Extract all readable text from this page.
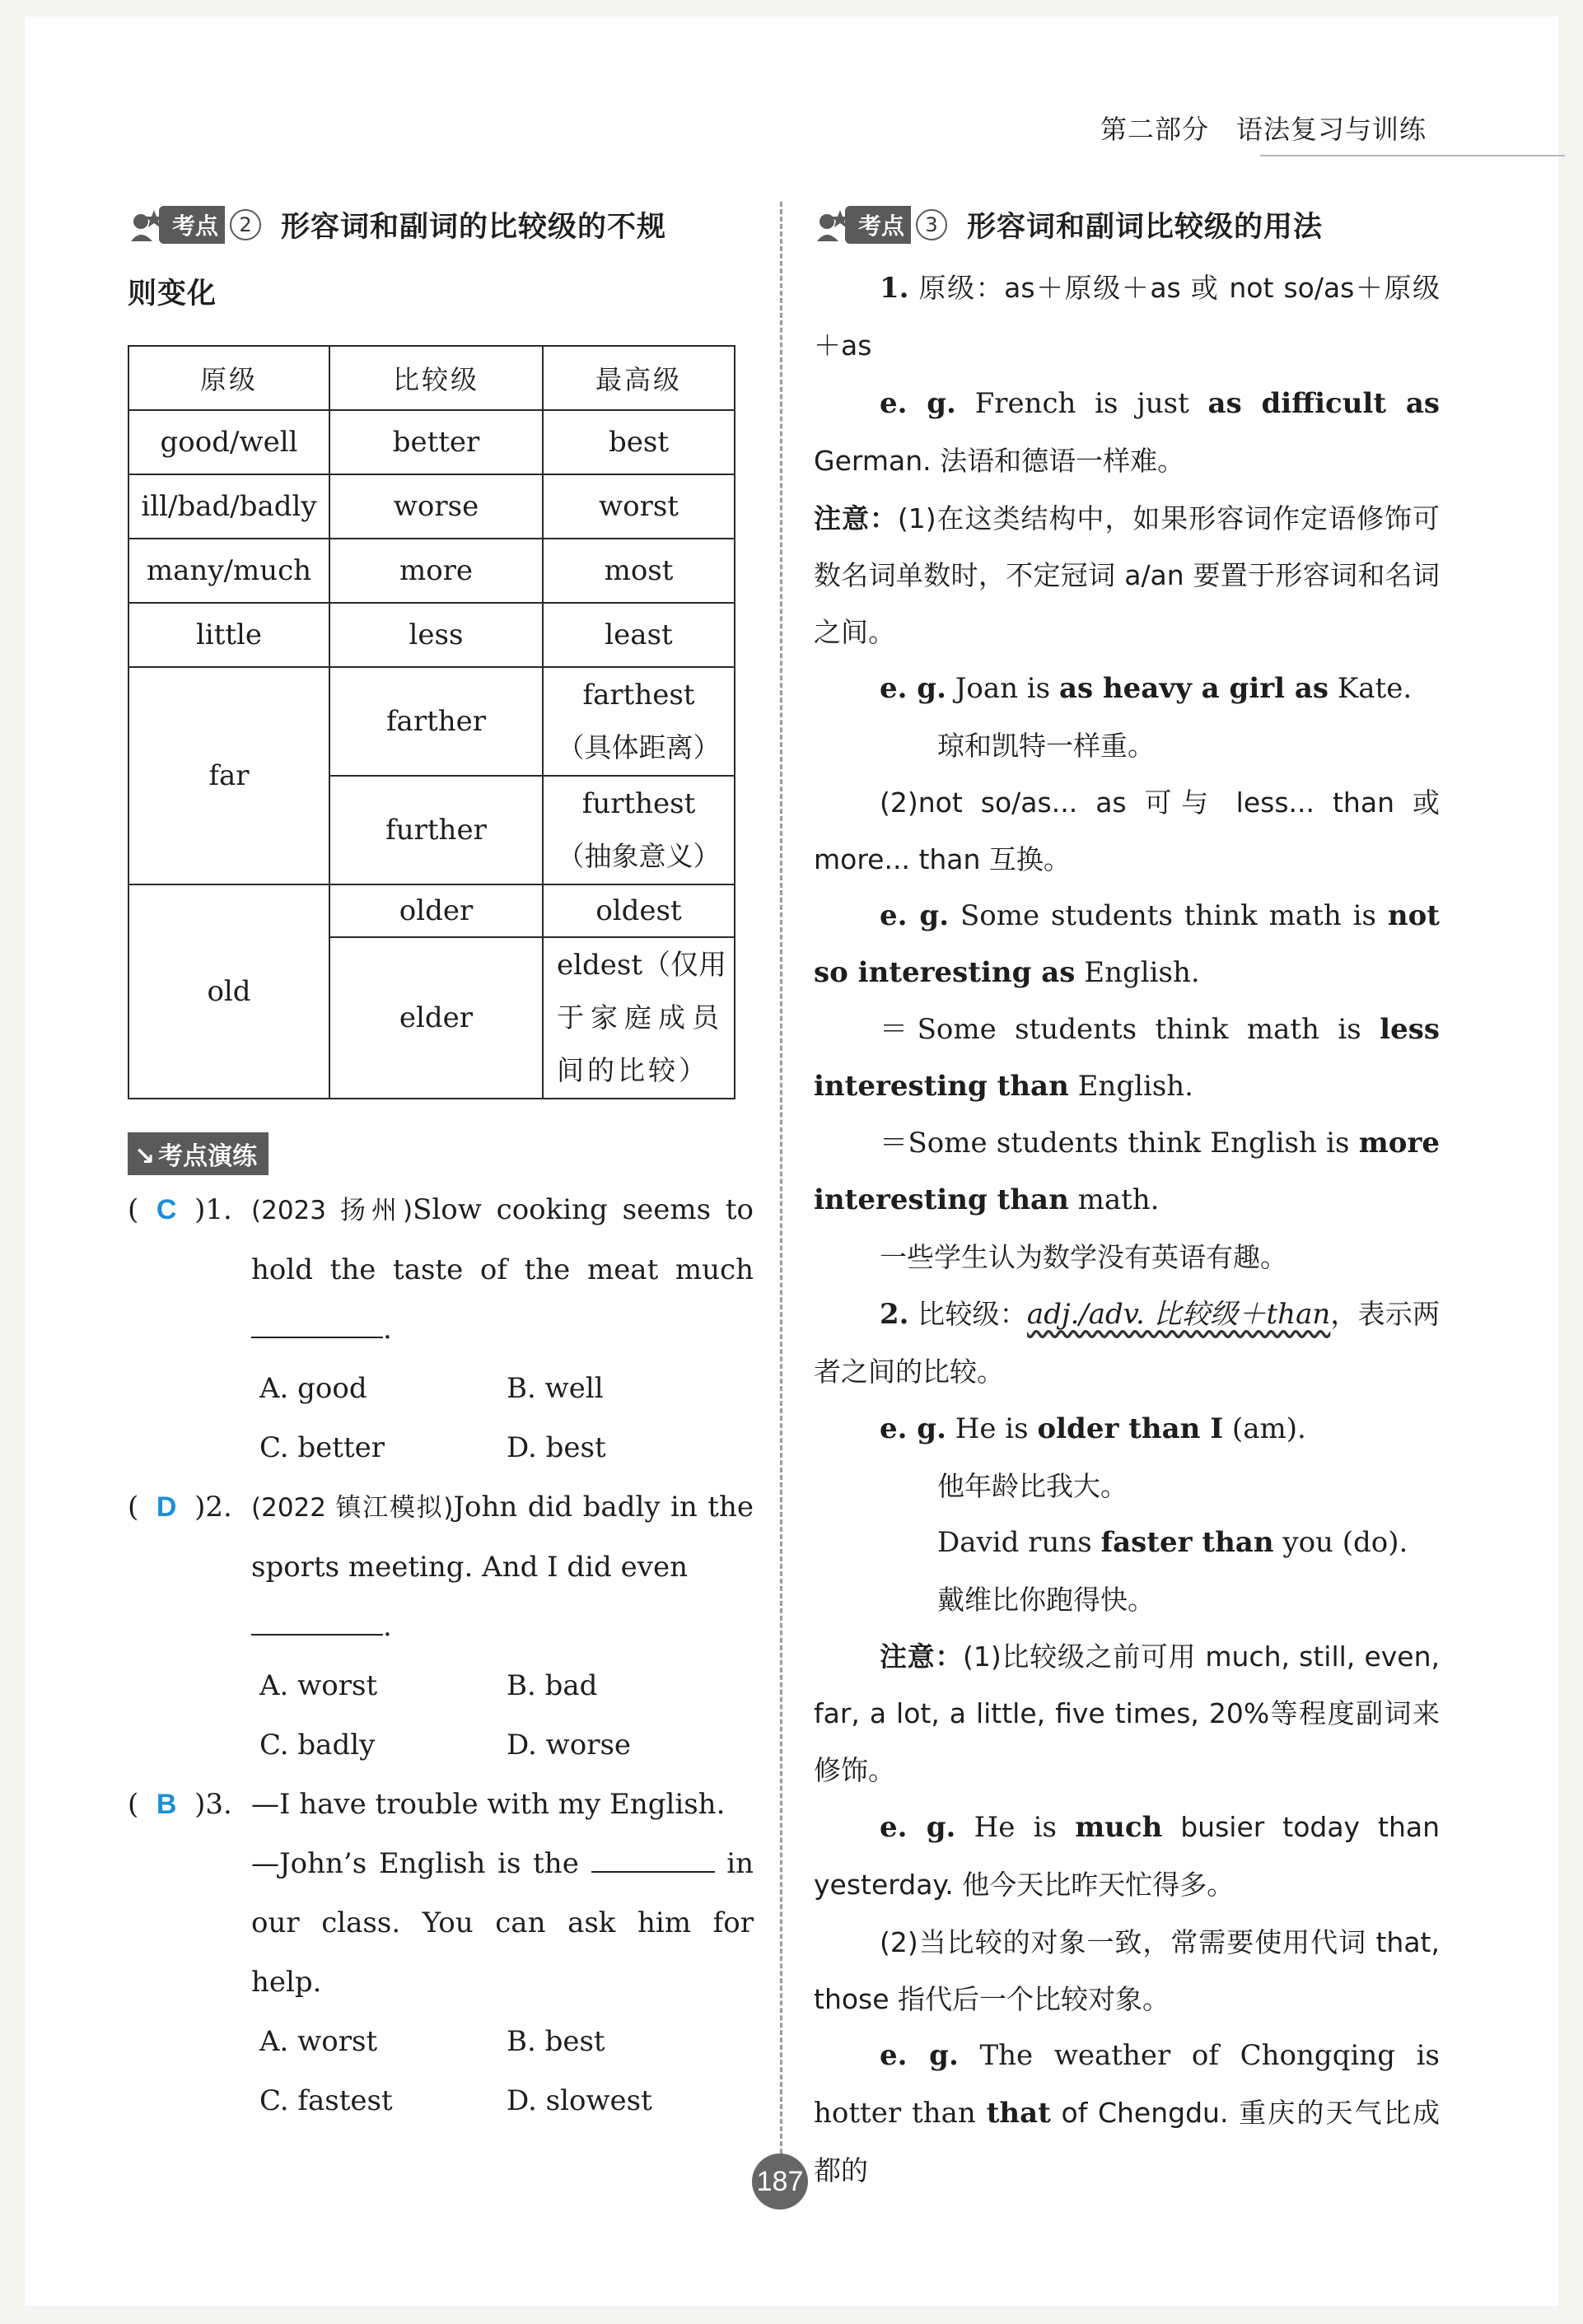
第二部分　语法复习与训练
考点	2	形容词和副词的比较级的不规
则变化
原级	比较级	最高级
good/well	better	best
ill/bad/badly	worse	worst
many/much	more	most
little	less	least
far	farther	farthest
（具体距离）

	further	furthest
（抽象意义）

old	older	oldest
	elder	eldest（仅用
于家庭成员
间的比较）
↘ 考点演练
(  C )1. (2023 扬州)Slow cooking seems to hold the taste of the meat much .
A. good	B. well
C. better	D. best
(  D )2. (2022 镇江模拟)John did badly in the sports meeting. And I did even
.
A. worst	B. bad
C. badly	D. worse
(  B )3. —I have trouble with my English.
—John’s English is the	in our class. You can ask him for help.
A. worst	B. best
C. fastest	D. slowest
考点	3	形容词和副词比较级的用法
1. 原级：as＋原级＋as 或 not so/as＋原级＋as
e. g. French is just as difficult as German. 法语和德语一样难。
注意：(1)在这类结构中，如果形容词作定语修饰可数名词单数时，不定冠词 a/an 要置于形容词和名词之间。
e. g. Joan is as heavy a girl as Kate.
琼和凯特一样重。
(2)not so/as... as 可与 less... than 或 more... than 互换。
e. g. Some students think math is not so interesting as English.
＝Some students think math is less interesting than English.
＝Some students think English is more interesting than math.
一些学生认为数学没有英语有趣。
2. 比较级：adj./adv. 比较级＋than，表示两者之间的比较。
e. g. He is older than I (am).
他年龄比我大。
David runs faster than you (do).
戴维比你跑得快。
注意：(1)比较级之前可用 much, still, even, far, a lot, a little, five times, 20%等程度副词来修饰。
e. g. He is much busier today than yesterday. 他今天比昨天忙得多。
(2)当比较的对象一致，常需要使用代词 that, those 指代后一个比较对象。
e. g. The weather of Chongqing is hotter than that of Chengdu. 重庆的天气比成都的
187
